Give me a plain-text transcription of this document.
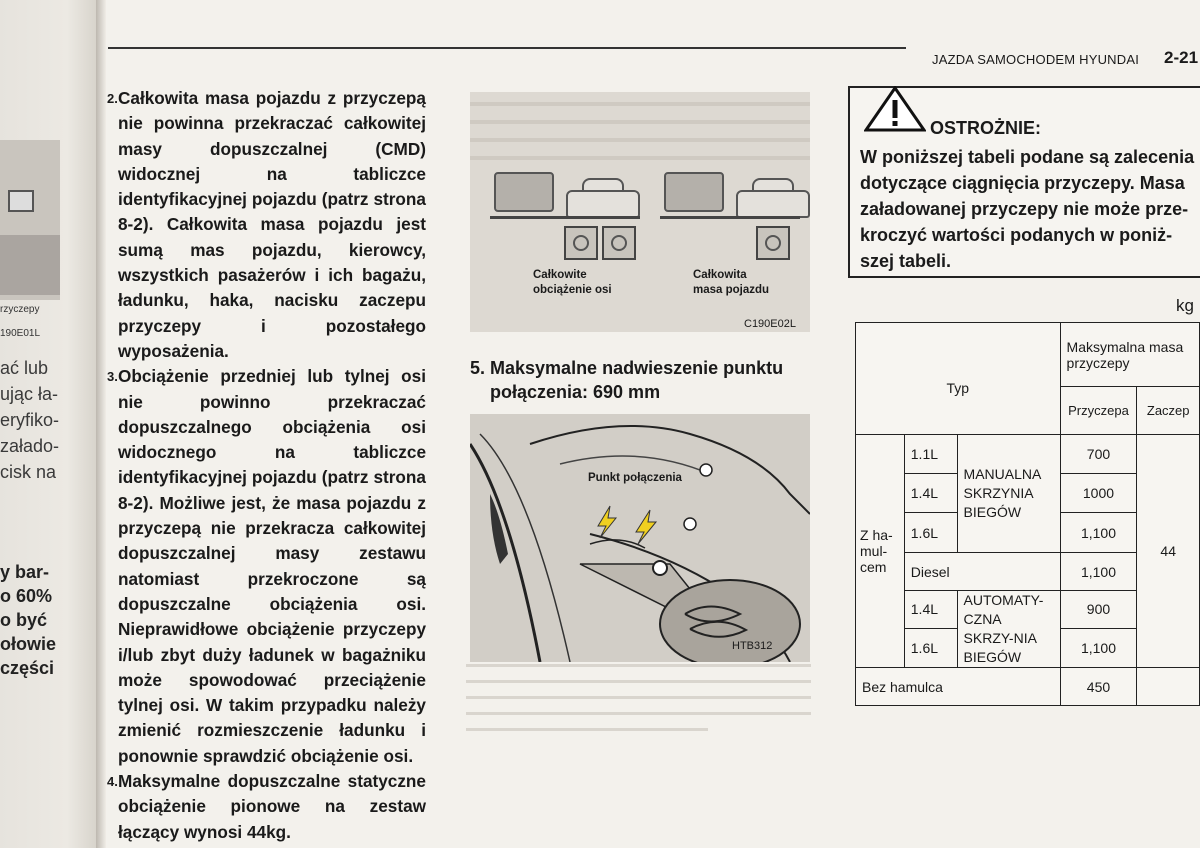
rzyczepy
190E01L
ać lub
ując ła-
eryfiko-
załado-
cisk na
y bar-
o 60%
o być
ołowie
części
JAZDA SAMOCHODEM HYUNDAI 2-21

2. Całkowita masa pojazdu z przyczepą nie powinna przekraczać całkowitej masy dopuszczalnej (CMD) widocznej na tabliczce identyfikacyjnej pojazdu (patrz strona 8-2). Całkowita masa pojazdu jest sumą mas pojazdu, kierowcy, wszystkich pasażerów i ich bagażu, ładunku, haka, nacisku zaczepu przyczepy i pozostałego wyposażenia.

3. Obciążenie przedniej lub tylnej osi nie powinno przekraczać dopuszczalnego obciążenia osi widocznego na tabliczce identyfikacyjnej pojazdu (patrz strona 8-2). Możliwe jest, że masa pojazdu z przyczepą nie przekracza całkowitej dopuszczalnej masy zestawu natomiast przekroczone są dopuszczalne obciążenia osi. Nieprawidłowe obciążenie przyczepy i/lub zbyt duży ładunek w bagażniku może spowodować przeciążenie tylnej osi. W takim przypadku należy zmienić rozmieszczenie ładunku i ponownie sprawdzić obciążenie osi.

4. Maksymalne dopuszczalne statyczne obciążenie pionowe na zestaw łączący wynosi 44kg.

Całkowite
obciążenie osi
Całkowita
masa pojazdu
C190E02L
5. Maksymalne nadwieszenie punktu
połączenia: 690 mm
Punkt połączenia
HTB312
OSTROŻNIE:
W poniższej tabeli podane są zalecenia
dotyczące ciągnięcia przyczepy. Masa
załadowanej przyczepy nie może prze-
kroczyć wartości podanych w poniż-
szej tabeli.
kg
Typ			Maksymalna masa przyczepy	
			Przyczepa	Zaczep
Z ha-mul-cem	1.1L	MANUALNA SKRZYNIA BIEGÓW	700	44
	1.4L		1000	
	1.6L		1,100	
	Diesel		1,100	
	1.4L	AUTOMATY-CZNA SKRZY-NIA BIEGÓW	900	
	1.6L		1,100	
Bez hamulca			450	
